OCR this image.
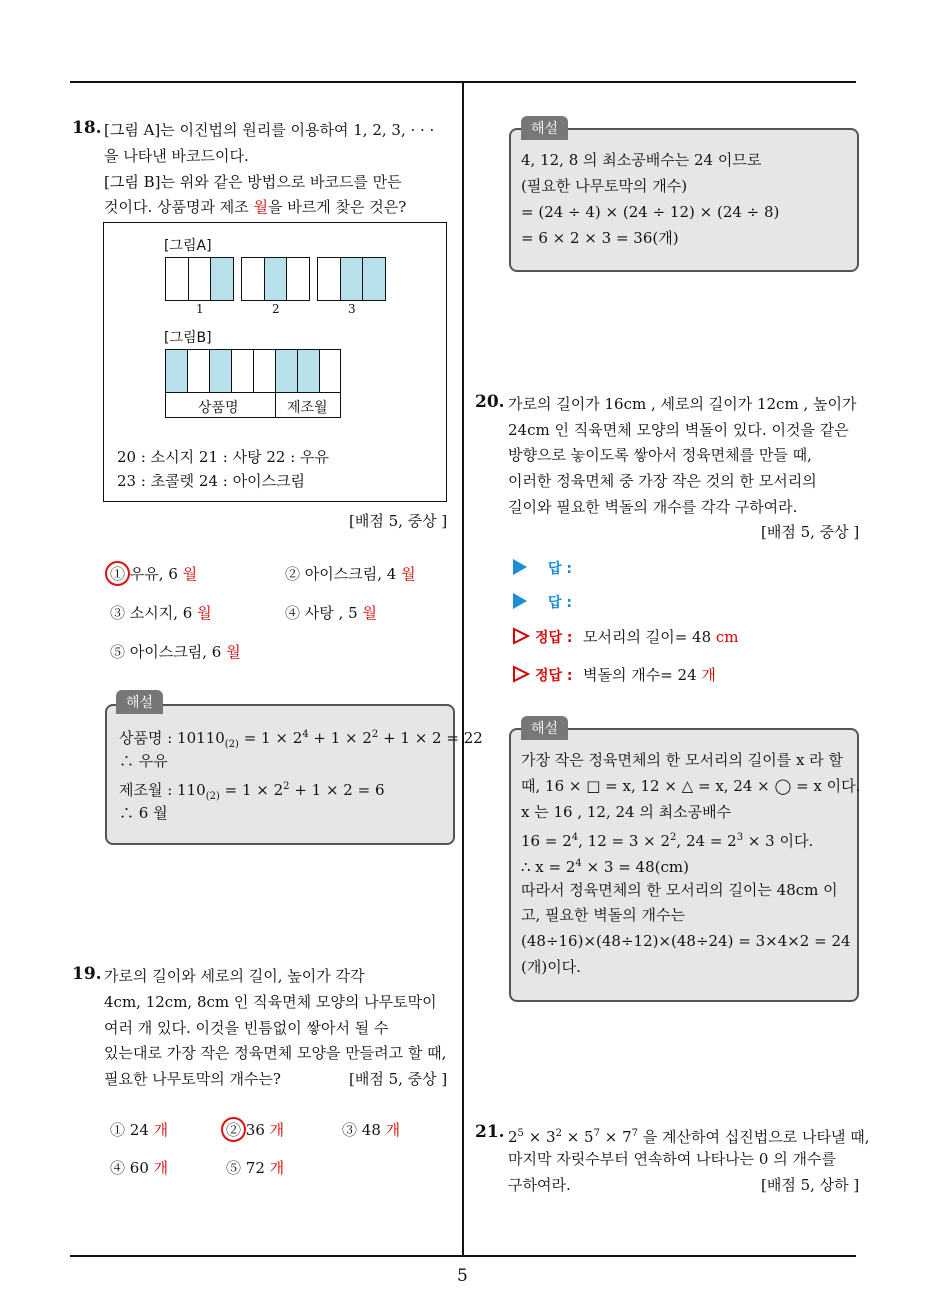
5
18. [그림 A]는 이진법의 원리를 이용하여 1, 2, 3, · · ·
을 나타낸 바코드이다.
[그림 B]는 위와 같은 방법으로 바코드를 만든
것이다. 상품명과 제조 월을 바르게 찾은 것은?
[그림A]
1	2	3
[그림B]
상품명	제조월
20 : 소시지 21 : 사탕 22 : 우유
23 : 초콜렛 24 : 아이스크림
[배점 5, 중상 ]
① 우유, 6 월	② 아이스크림, 4 월
③ 소시지, 6 월	④ 사탕 , 5 월
⑤ 아이스크림, 6 월
해설
상품명 : $10110_{(2)} = 1 \times 2^4 + 1 \times 2^2 + 1 \times 2 = 22$
∴ 우유
제조월 : $110_{(2)} = 1 \times 2^2 + 1 \times 2 = 6$
∴ 6 월
19. 가로의 길이와 세로의 길이, 높이가 각각
4cm, 12cm, 8cm 인 직육면체 모양의 나무토막이
여러 개 있다. 이것을 빈틈없이 쌓아서 될 수
있는대로 가장 작은 정육면체 모양을 만들려고 할 때,
필요한 나무토막의 개수는?	[배점 5, 중상 ]
① 24 개	② 36 개	③ 48 개
④ 60 개	⑤ 72 개
해설
4, 12, 8 의 최소공배수는 24 이므로
(필요한 나무토막의 개수)
= (24 ÷ 4) × (24 ÷ 12) × (24 ÷ 8)
= 6 × 2 × 3 = 36(개)
20. 가로의 길이가 16cm , 세로의 길이가 12cm , 높이가
24cm 인 직육면체 모양의 벽돌이 있다. 이것을 같은
방향으로 놓이도록 쌓아서 정육면체를 만들 때,
이러한 정육면체 중 가장 작은 것의 한 모서리의
길이와 필요한 벽돌의 개수를 각각 구하여라.
[배점 5, 중상 ]
답 :
답 :
정답 : 모서리의 길이= 48 cm
정답 : 벽돌의 개수= 24 개
해설
가장 작은 정육면체의 한 모서리의 길이를 x 라 할
때, 16 × □ = x, 12 × △ = x, 24 × ◯ = x 이다.
x 는 16 , 12, 24 의 최소공배수
$16 = 2^4$, $12 = 3 \times 2^2$, $24 = 2^3 \times 3$ 이다.
∴ $x = 2^4 \times 3 = 48(cm)$
따라서 정육면체의 한 모서리의 길이는 48cm 이
고, 필요한 벽돌의 개수는
(48÷16)×(48÷12)×(48÷24) = 3×4×2 = 24
(개)이다.
21. $2^5 \times 3^2 \times 5^7 \times 7^7$ 을 계산하여 십진법으로 나타낼 때,
마지막 자릿수부터 연속하여 나타나는 0 의 개수를
구하여라.	[배점 5, 상하 ]
